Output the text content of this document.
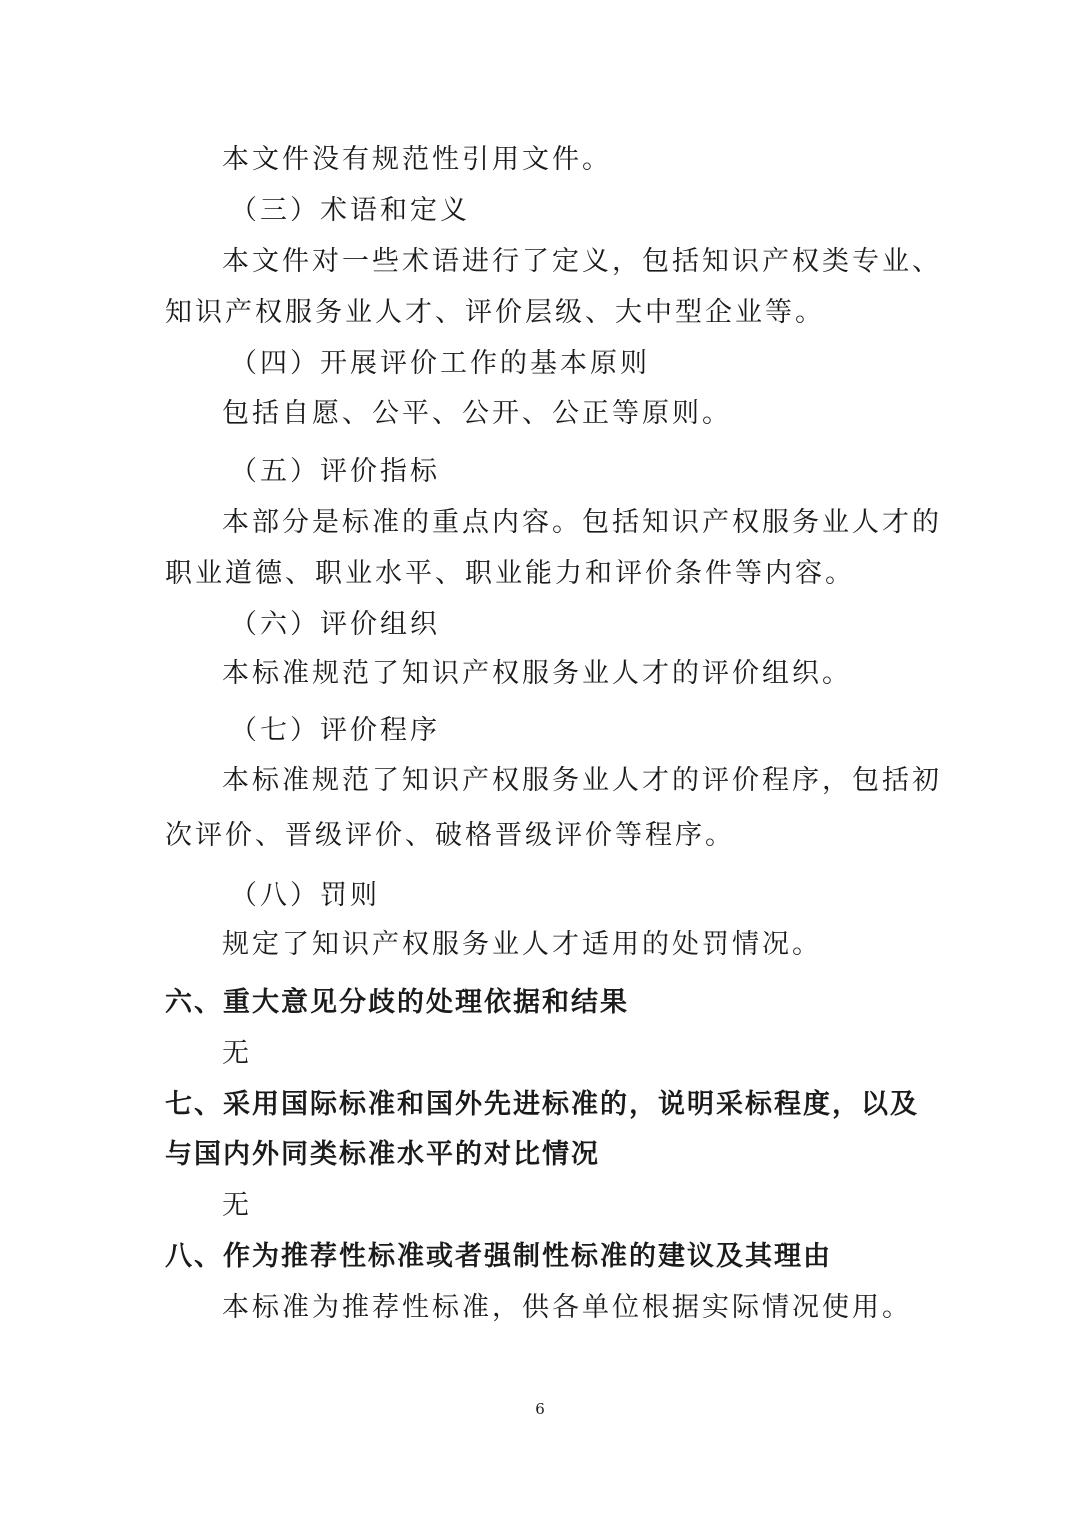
本文件没有规范性引用文件。
（三）术语和定义
本文件对一些术语进行了定义，包括知识产权类专业、
知识产权服务业人才、评价层级、大中型企业等。
（四）开展评价工作的基本原则
包括自愿、公平、公开、公正等原则。
（五）评价指标
本部分是标准的重点内容。包括知识产权服务业人才的
职业道德、职业水平、职业能力和评价条件等内容。
（六）评价组织
本标准规范了知识产权服务业人才的评价组织。
（七）评价程序
本标准规范了知识产权服务业人才的评价程序，包括初
次评价、晋级评价、破格晋级评价等程序。
（八）罚则
规定了知识产权服务业人才适用的处罚情况。
六、重大意见分歧的处理依据和结果
无
七、采用国际标准和国外先进标准的，说明采标程度，以及
与国内外同类标准水平的对比情况
无
八、作为推荐性标准或者强制性标准的建议及其理由
本标准为推荐性标准，供各单位根据实际情况使用。
6
